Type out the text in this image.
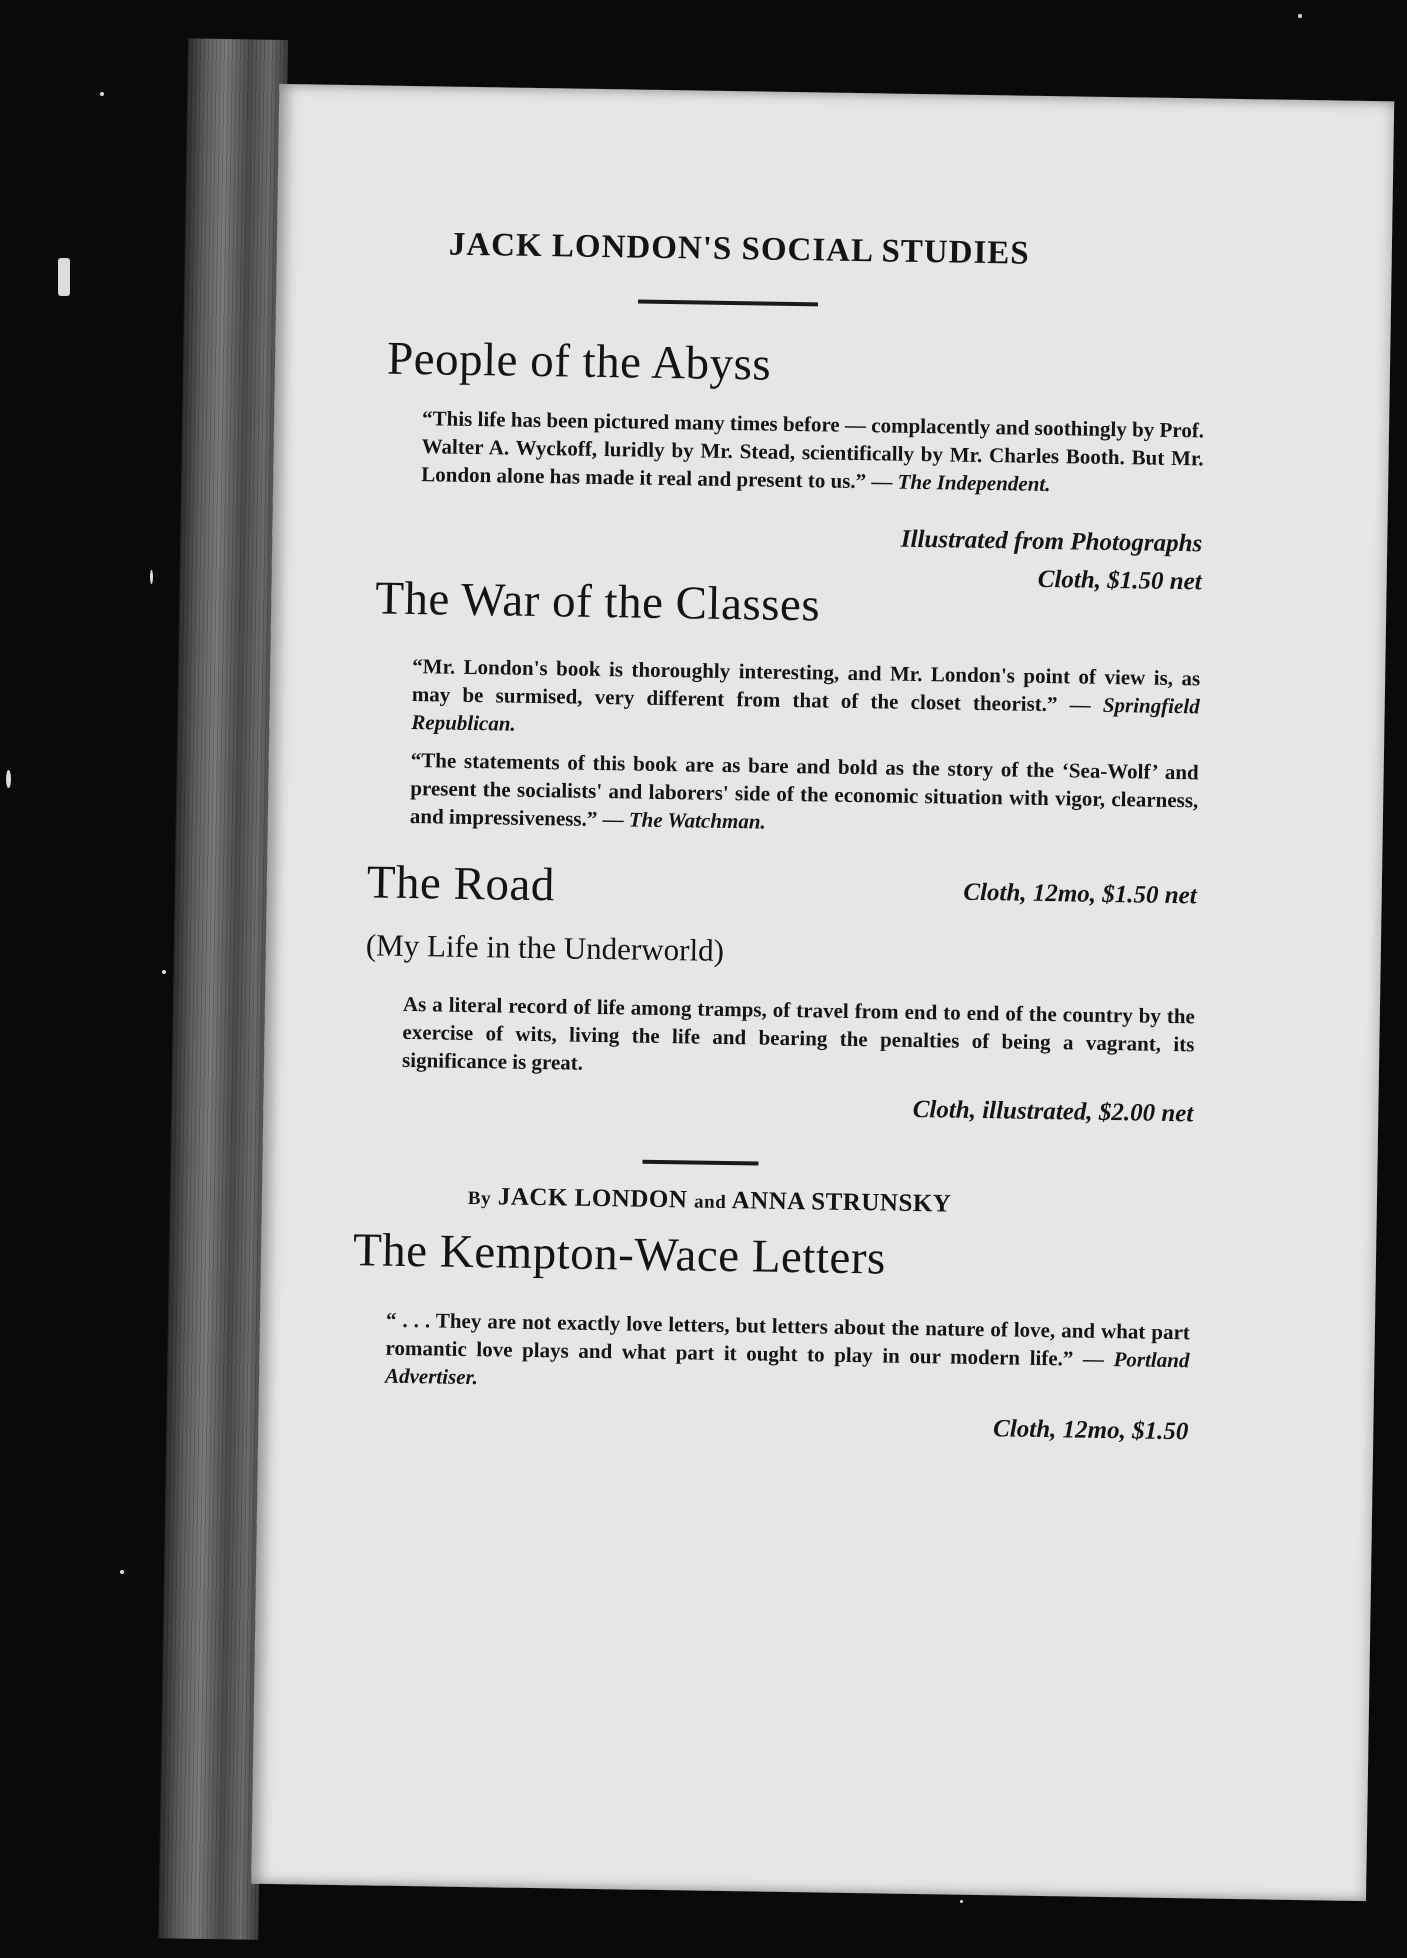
JACK LONDON'S SOCIAL STUDIES

People of the Abyss

“This life has been pictured many times before — complacently and soothingly by Prof. Walter A. Wyckoff, luridly by Mr. Stead, scientifically by Mr. Charles Booth. But Mr. London alone has made it real and present to us.” — The Independent.

Illustrated from Photographs

Cloth, $1.50 net

The War of the Classes

“Mr. London's book is thoroughly interesting, and Mr. London's point of view is, as may be surmised, very different from that of the closet theorist.” — Springfield Republican.

“The statements of this book are as bare and bold as the story of the ‘Sea-Wolf’ and present the socialists' and laborers' side of the economic situation with vigor, clearness, and impressiveness.” — The Watchman.

Cloth, 12mo, $1.50 net

The Road

(My Life in the Underworld)

As a literal record of life among tramps, of travel from end to end of the country by the exercise of wits, living the life and bearing the penalties of being a vagrant, its significance is great.

Cloth, illustrated, $2.00 net

By JACK LONDON and ANNA STRUNSKY

The Kempton-Wace Letters

“ . . . They are not exactly love letters, but letters about the nature of love, and what part romantic love plays and what part it ought to play in our modern life.” — Portland Advertiser.

Cloth, 12mo, $1.50
